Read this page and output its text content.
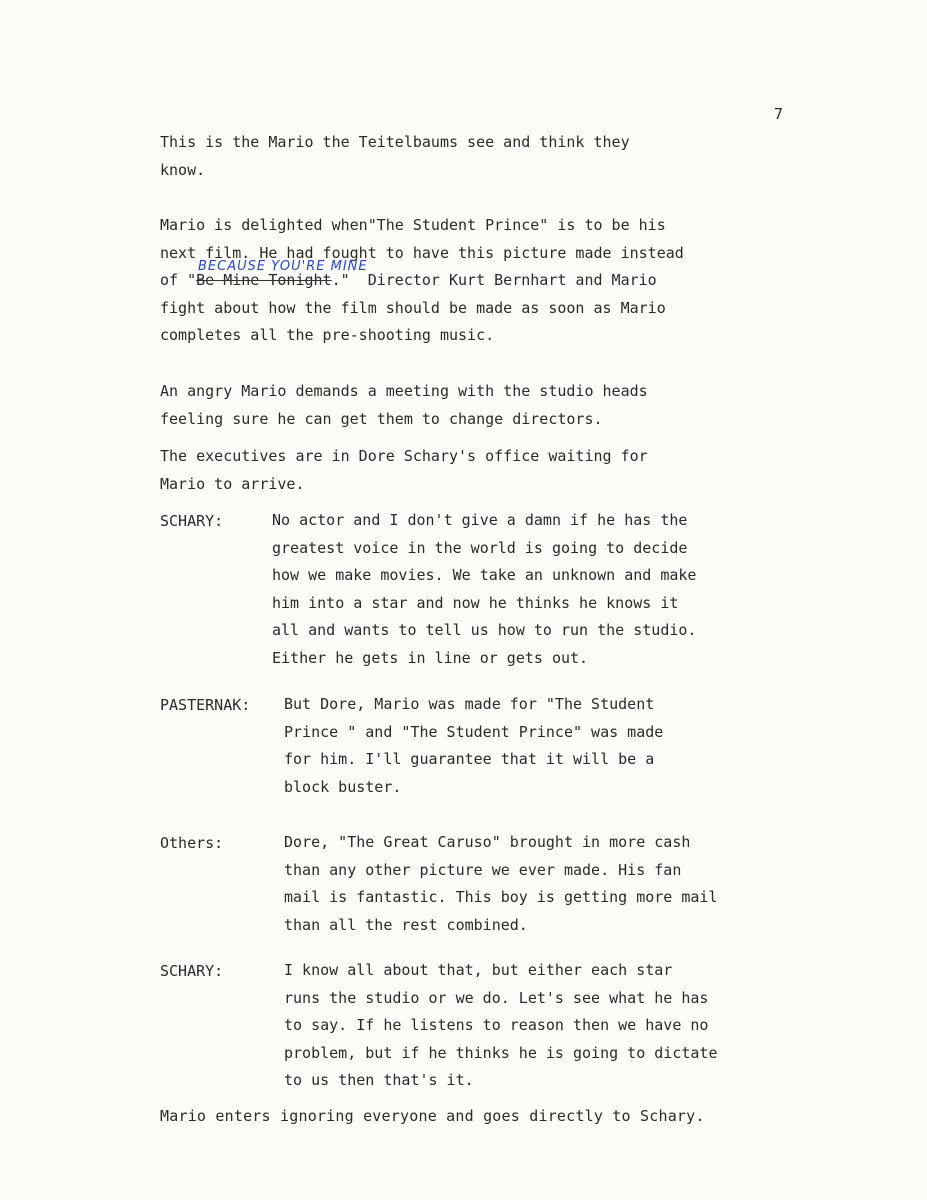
7
This is the Mario the Teitelbaums see and think they
know.
Mario is delighted when"The Student Prince" is to be his
next film. He had fought to have this picture made instead
of "Be Mine Tonight."  Director Kurt Bernhart and Mario
fight about how the film should be made as soon as Mario
completes all the pre-shooting music.
BECAUSE YOU'RE MINE
An angry Mario demands a meeting with the studio heads
feeling sure he can get them to change directors.
The executives are in Dore Schary's office waiting for
Mario to arrive.
SCHARY:	No actor and I don't give a damn if he has the
greatest voice in the world is going to decide
how we make movies. We take an unknown and make
him into a star and now he thinks he knows it
all and wants to tell us how to run the studio.
Either he gets in line or gets out.
PASTERNAK: But Dore, Mario was made for "The Student
Prince " and "The Student Prince" was made
for him. I'll guarantee that it will be a
block buster.
Others:	Dore, "The Great Caruso" brought in more cash
than any other picture we ever made. His fan
mail is fantastic. This boy is getting more mail
than all the rest combined.
SCHARY:	I know all about that, but either each star
runs the studio or we do. Let's see what he has
to say. If he listens to reason then we have no
problem, but if he thinks he is going to dictate
to us then that's it.
Mario enters ignoring everyone and goes directly to Schary.
